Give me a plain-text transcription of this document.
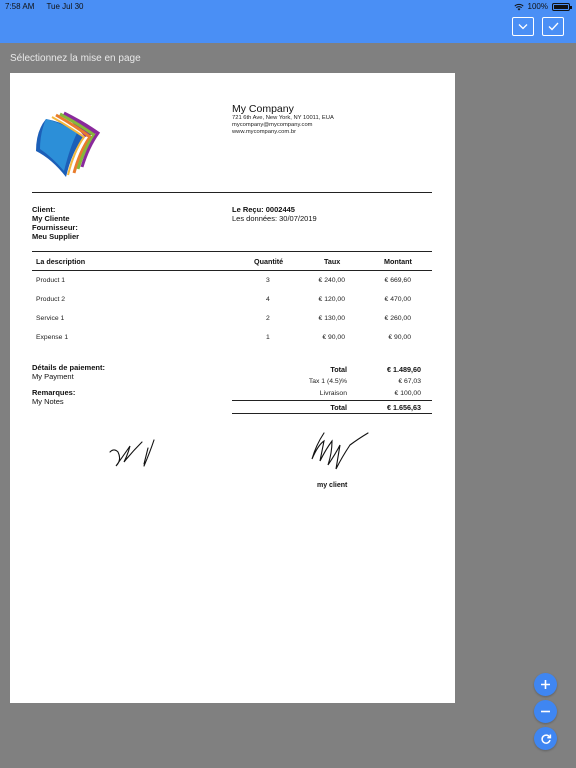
7:58 AM Tue Jul 30	100%
Sélectionnez la mise en page
My Company
721 6th Ave, New York, NY 10011, EUA
mycompany@mycompany.com
www.mycompany.com.br
Client:
My Cliente
Fournisseur:
Meu Supplier
Le Reçu: 0002445
Les données: 30/07/2019
La description	Quantité	Taux	Montant
Product 1	3	€ 240,00	€ 669,60
Product 2	4	€ 120,00	€ 470,00
Service 1	2	€ 130,00	€ 260,00
Expense 1	1	€ 90,00	€ 90,00
Détails de paiement:
My Payment
Remarques:
My Notes
Total	€ 1.489,60
Tax 1 (4.5)%	€ 67,03
Livraison	€ 100,00
Total	€ 1.656,63
my client
